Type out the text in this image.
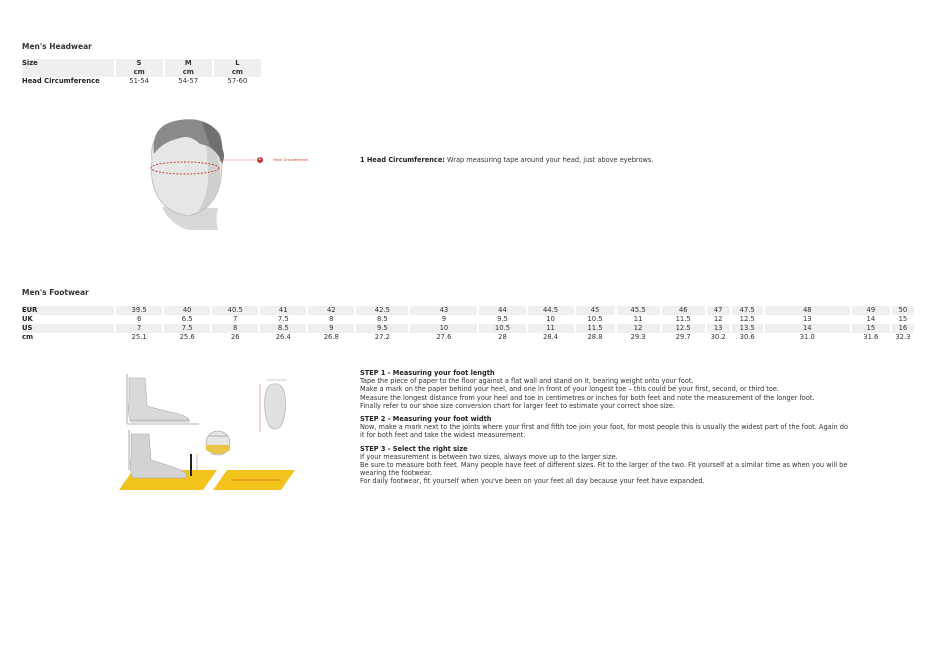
Men's Headwear
Size	S	M	L
	cm	cm	cm
Head Circumference	51-54	54-57	57-60
1	Head Circumference	1 Head Circumference: Wrap measuring tape around your head, just above eyebrows.
Men's Footwear
EUR	39.5	40	40.5	41	42	42.5	43	44	44.5	45	45.5	46	47	47.5	48	49	50
UK	6	6.5	7	7.5	8	8.5	9	9.5	10	10.5	11	11.5	12	12.5	13	14	15
US	7	7.5	8	8.5	9	9.5	10	10.5	11	11.5	12	12.5	13	13.5	14	15	16
cm	25.1	25.6	26	26.4	26.8	27.2	27.6	28	28.4	28.8	29.3	29.7	30.2	30.6	31.0	31.6	32.3
STEP 1 - Measuring your foot length
Tape the piece of paper to the floor against a flat wall and stand on it, bearing weight onto your foot.
Make a mark on the paper behind your heel, and one in front of your longest toe – this could be your first, second, or third toe.
Measure the longest distance from your heel and toe in centimetres or inches for both feet and note the measurement of the longer foot.
Finally refer to our shoe size conversion chart for larger feet to estimate your correct shoe size.
STEP 2 - Measuring your foot width
Now, make a mark next to the joints where your first and fifth toe join your foot, for most people this is usually the widest part of the foot. Again do it for both feet and take the widest measurement.
STEP 3 - Select the right size
If your measurement is between two sizes, always move up to the larger size.
Be sure to measure both feet. Many people have feet of different sizes. Fit to the larger of the two. Fit yourself at a similar time as when you will be wearing the footwear.
For daily footwear, fit yourself when you've been on your feet all day because your feet have expanded.
